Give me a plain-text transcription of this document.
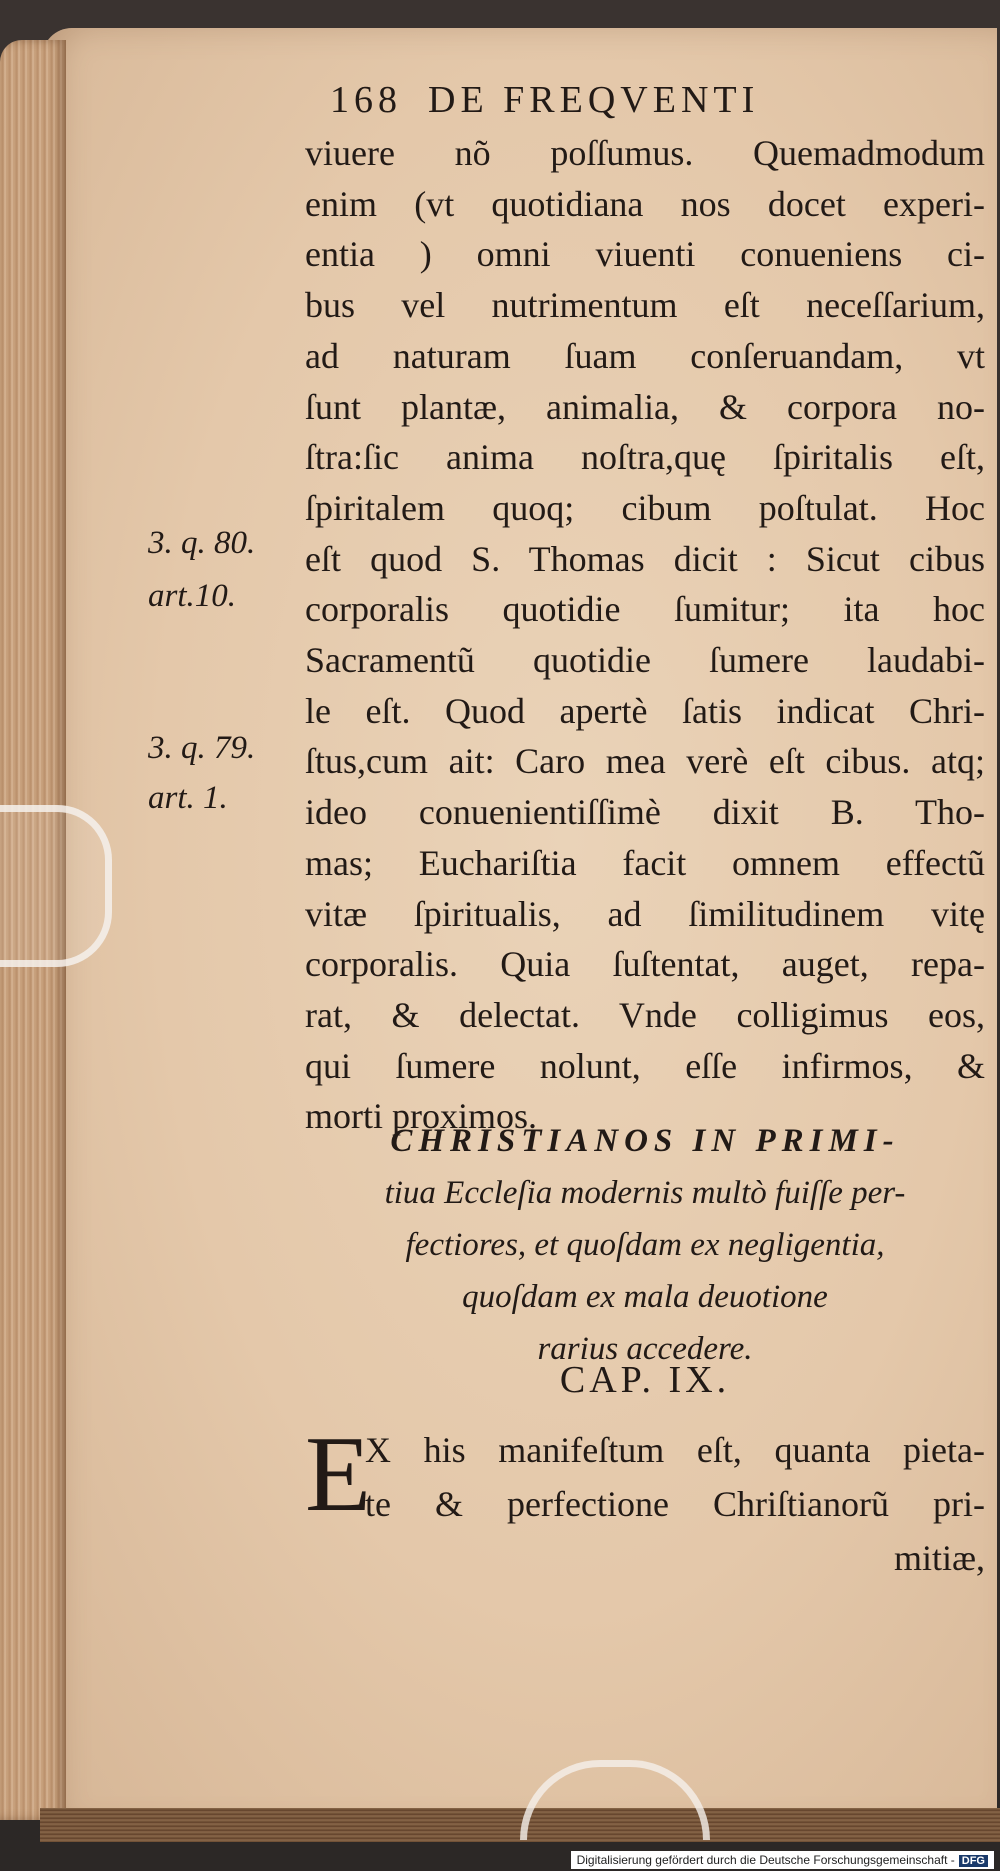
168 DE FREQVENTI
viuere nõ poſſumus. Quemadmodum
enim (vt quotidiana nos docet experi-
entia ) omni viuenti conueniens ci-
bus vel nutrimentum eſt neceſſarium,
ad naturam ſuam conſeruandam, vt
ſunt plantæ, animalia, & corpora no-
ſtra:ſic anima noſtra,quę ſpiritalis eſt,
ſpiritalem quoq; cibum poſtulat. Hoc
eſt quod S. Thomas dicit : Sicut cibus
corporalis quotidie ſumitur; ita hoc
Sacramentũ quotidie ſumere laudabi-
le eſt. Quod apertè ſatis indicat Chri-
ſtus,cum ait: Caro mea verè eſt cibus. atq;
ideo conuenientiſſimè dixit B. Tho-
mas; Euchariſtia facit omnem effectũ
vitæ ſpiritualis, ad ſimilitudinem vitę
corporalis. Quia ſuſtentat, auget, repa-
rat, & delectat. Vnde colligimus eos,
qui ſumere nolunt, eſſe infirmos, &
morti proximos.
3. q. 80.
art.10.
3. q. 79.
art. 1.
CHRISTIANOS IN PRIMI-
tiua Eccleſia modernis multò fuiſſe per-
fectiores, et quoſdam ex negligentia,
quoſdam ex mala deuotione
rarius accedere.
CAP. IX.
E
X his manifeſtum eſt, quanta pieta-
te & perfectione Chriſtianorũ pri-
mitiæ,
Digitalisierung gefördert durch die Deutsche Forschungsgemeinschaft - DFG
